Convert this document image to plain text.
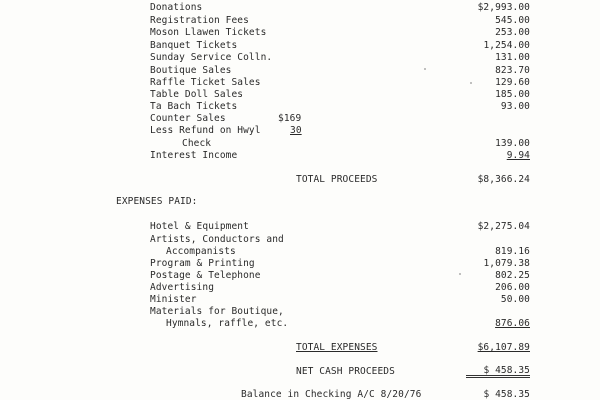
Donations	$2,993.00
Registration Fees	545.00
Moson Llawen Tickets	253.00
Banquet Tickets	1,254.00
Sunday Service Colln.	131.00
Boutique Sales	823.70
Raffle Ticket Sales	129.60
Table Doll Sales	185.00
Ta Bach Tickets	93.00
Counter Sales	$169
Less Refund on Hwyl	30
Check	139.00
Interest Income	9.94
TOTAL PROCEEDS	$8,366.24
EXPENSES PAID:
Hotel & Equipment	$2,275.04
Artists, Conductors and
Accompanists	819.16
Program & Printing	1,079.38
Postage & Telephone	802.25
Advertising	206.00
Minister	50.00
Materials for Boutique,
Hymnals, raffle, etc.	876.06
TOTAL EXPENSES	$6,107.89
NET CASH PROCEEDS	$ 458.35
Balance in Checking A/C 8/20/76	$ 458.35
